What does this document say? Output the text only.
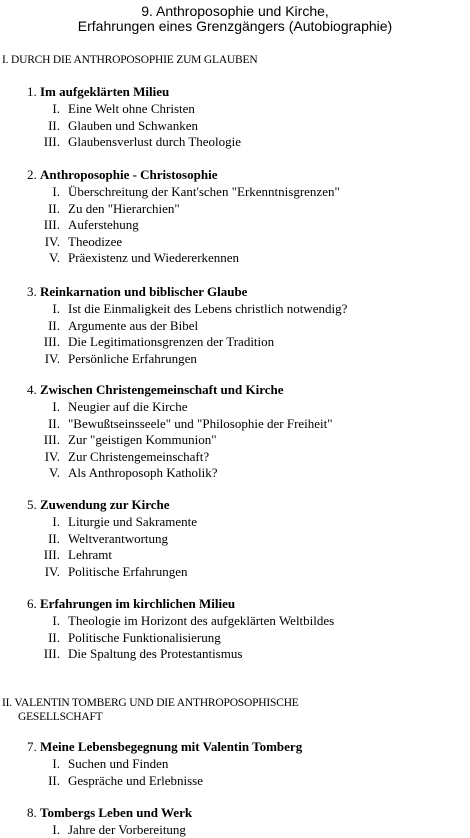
9. Anthroposophie und Kirche,
Erfahrungen eines Grenzgängers (Autobiographie)
I. DURCH DIE ANTHROPOSOPHIE ZUM GLAUBEN
II. VALENTIN TOMBERG UND DIE ANTHROPOSOPHISCHE
GESELLSCHAFT
1. Im aufgeklärten Milieu
I. Eine Welt ohne Christen
II. Glauben und Schwanken
III. Glaubensverlust durch Theologie
2. Anthroposophie - Christosophie
I. Überschreitung der Kant'schen "Erkenntnisgrenzen"
II. Zu den "Hierarchien"
III. Auferstehung
IV. Theodizee
V. Präexistenz und Wiedererkennen
3. Reinkarnation und biblischer Glaube
I. Ist die Einmaligkeit des Lebens christlich notwendig?
II. Argumente aus der Bibel
III. Die Legitimationsgrenzen der Tradition
IV. Persönliche Erfahrungen
4. Zwischen Christengemeinschaft und Kirche
I. Neugier auf die Kirche
II. "Bewußtseinsseele" und "Philosophie der Freiheit"
III. Zur "geistigen Kommunion"
IV. Zur Christengemeinschaft?
V. Als Anthroposoph Katholik?
5. Zuwendung zur Kirche
I. Liturgie und Sakramente
II. Weltverantwortung
III. Lehramt
IV. Politische Erfahrungen
6. Erfahrungen im kirchlichen Milieu
I. Theologie im Horizont des aufgeklärten Weltbildes
II. Politische Funktionalisierung
III. Die Spaltung des Protestantismus
7. Meine Lebensbegegnung mit Valentin Tomberg
I. Suchen und Finden
II. Gespräche und Erlebnisse
8. Tombergs Leben und Werk
I. Jahre der Vorbereitung
